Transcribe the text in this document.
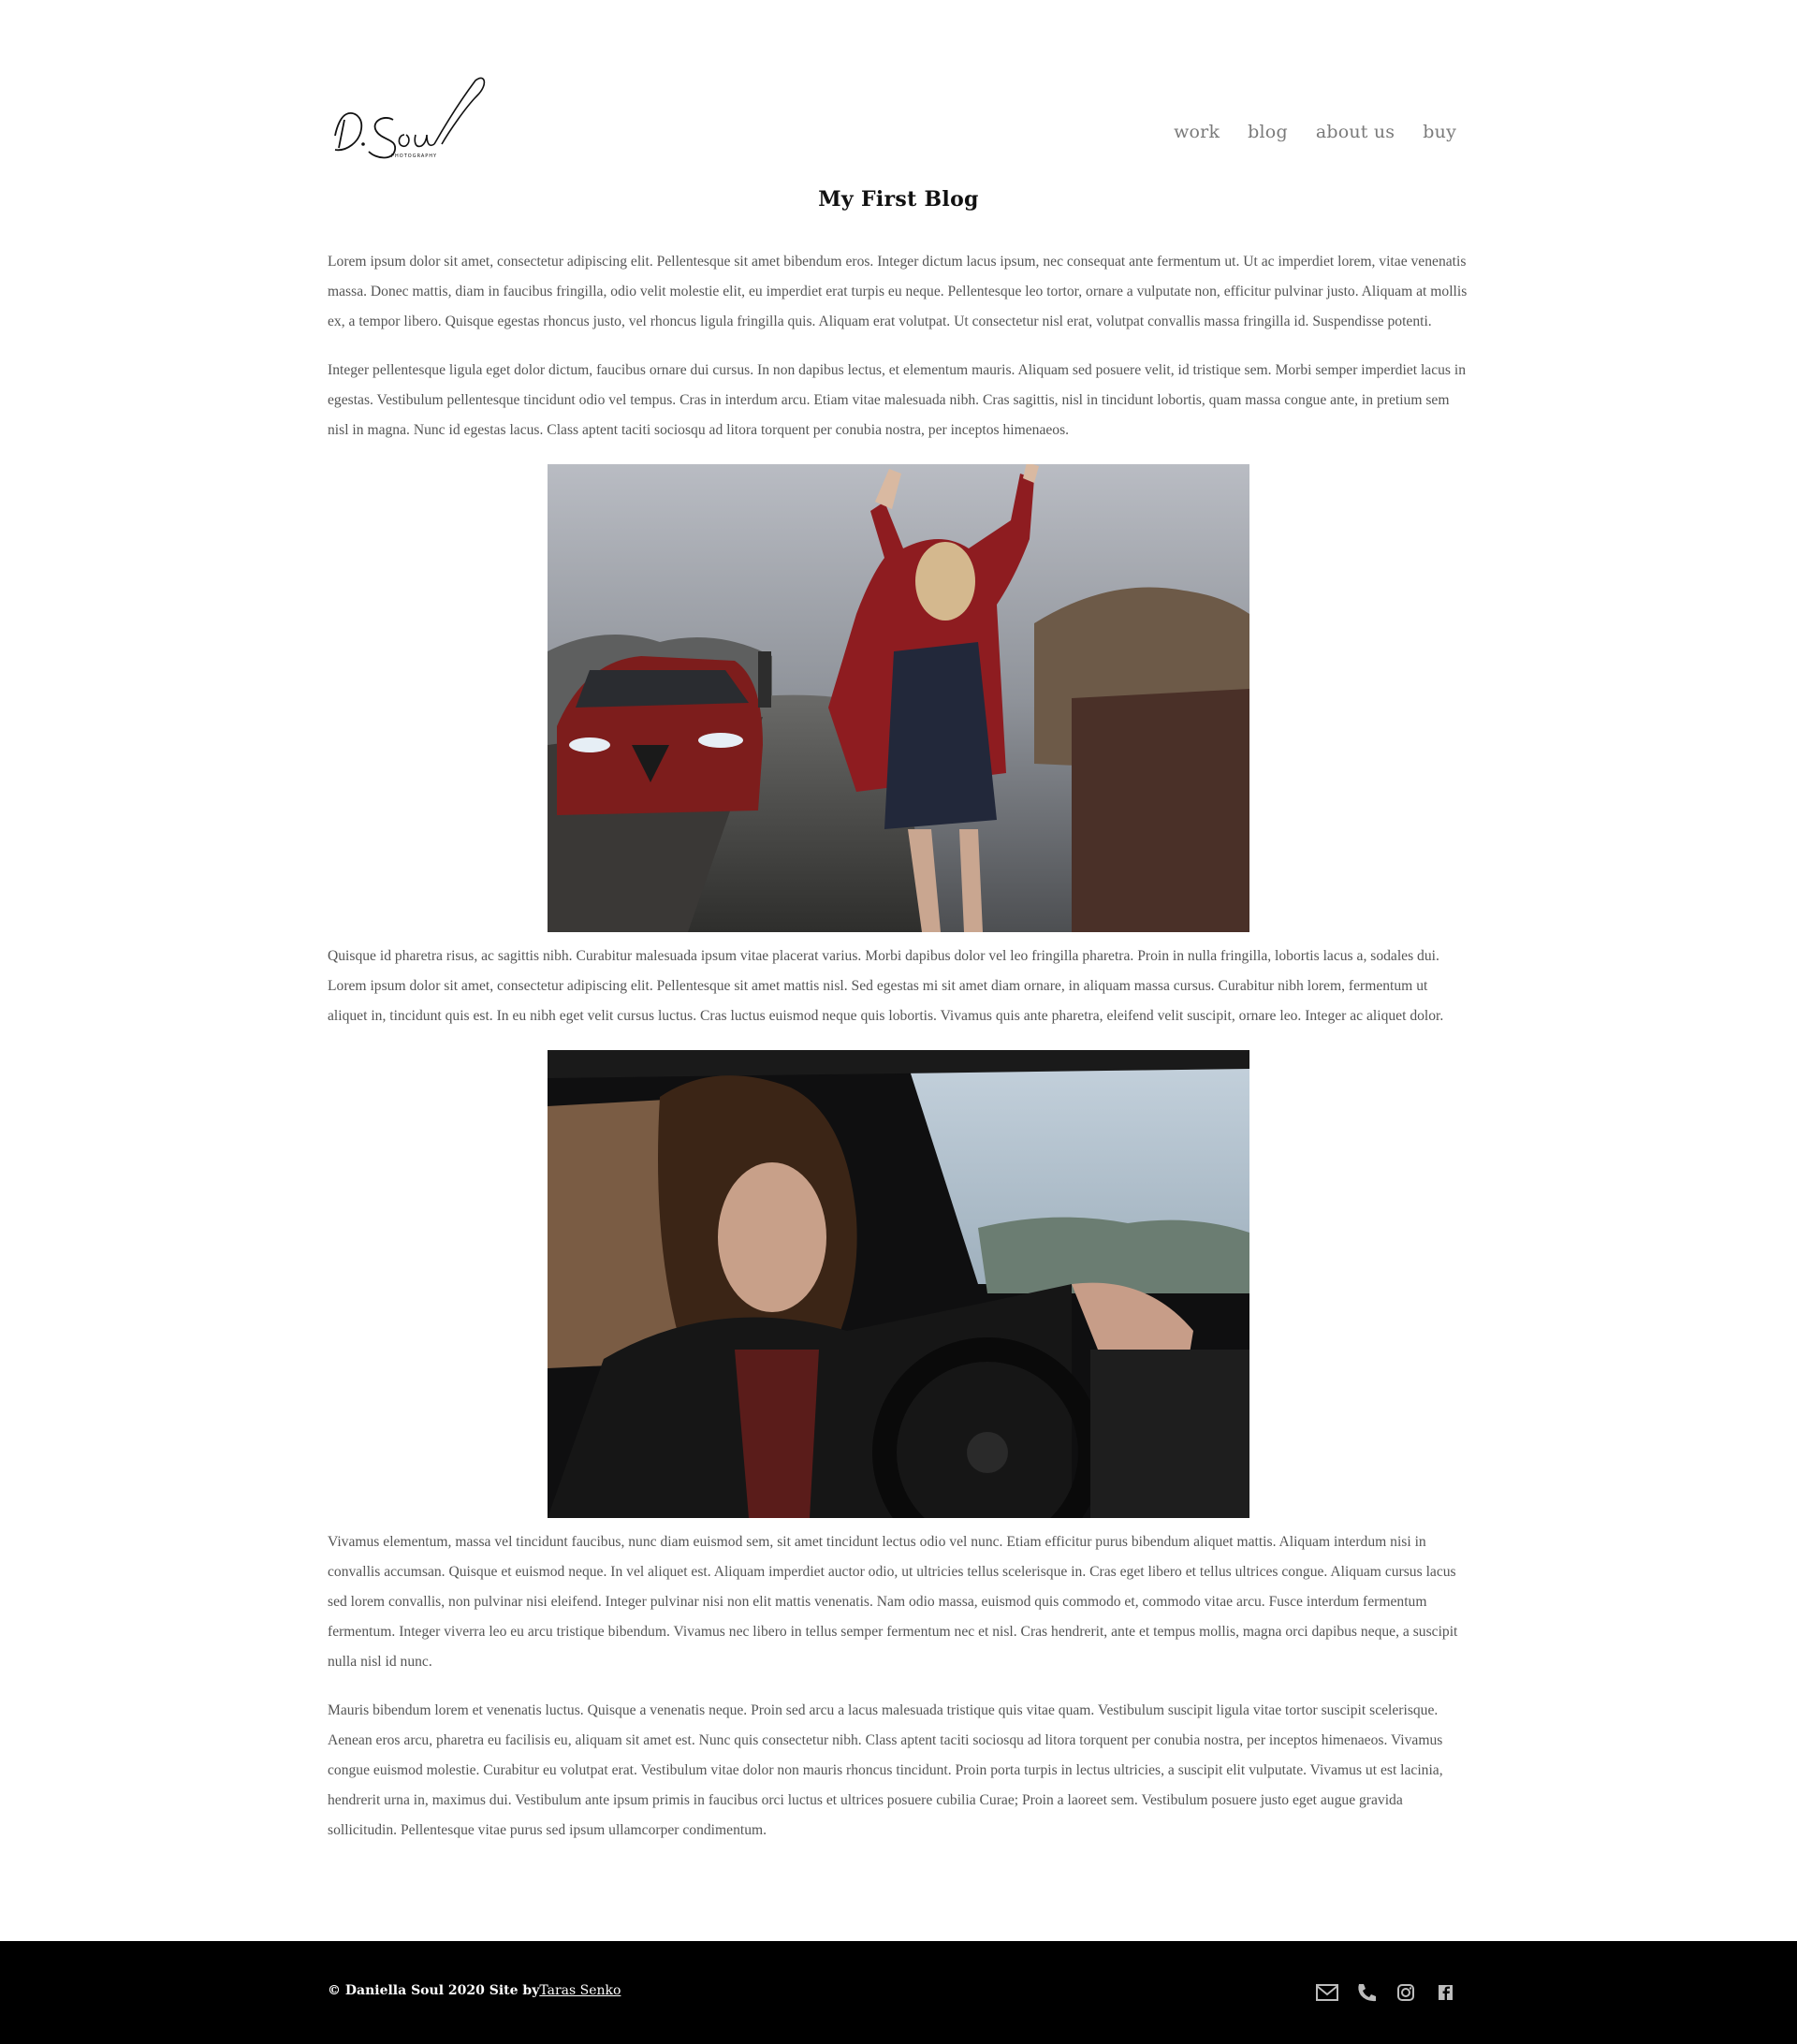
PHOTOGRAPHY
work blog about us buy
My First Blog

Lorem ipsum dolor sit amet, consectetur adipiscing elit. Pellentesque sit amet bibendum eros. Integer dictum lacus ipsum, nec consequat ante fermentum ut. Ut ac imperdiet lorem, vitae venenatis massa. Donec mattis, diam in faucibus fringilla, odio velit molestie elit, eu imperdiet erat turpis eu neque. Pellentesque leo tortor, ornare a vulputate non, efficitur pulvinar justo. Aliquam at mollis ex, a tempor libero. Quisque egestas rhoncus justo, vel rhoncus ligula fringilla quis. Aliquam erat volutpat. Ut consectetur nisl erat, volutpat convallis massa fringilla id. Suspendisse potenti.

Integer pellentesque ligula eget dolor dictum, faucibus ornare dui cursus. In non dapibus lectus, et elementum mauris. Aliquam sed posuere velit, id tristique sem. Morbi semper imperdiet lacus in egestas. Vestibulum pellentesque tincidunt odio vel tempus. Cras in interdum arcu. Etiam vitae malesuada nibh. Cras sagittis, nisl in tincidunt lobortis, quam massa congue ante, in pretium sem nisl in magna. Nunc id egestas lacus. Class aptent taciti sociosqu ad litora torquent per conubia nostra, per inceptos himenaeos.

Quisque id pharetra risus, ac sagittis nibh. Curabitur malesuada ipsum vitae placerat varius. Morbi dapibus dolor vel leo fringilla pharetra. Proin in nulla fringilla, lobortis lacus a, sodales dui. Lorem ipsum dolor sit amet, consectetur adipiscing elit. Pellentesque sit amet mattis nisl. Sed egestas mi sit amet diam ornare, in aliquam massa cursus. Curabitur nibh lorem, fermentum ut aliquet in, tincidunt quis est. In eu nibh eget velit cursus luctus. Cras luctus euismod neque quis lobortis. Vivamus quis ante pharetra, eleifend velit suscipit, ornare leo. Integer ac aliquet dolor.

Vivamus elementum, massa vel tincidunt faucibus, nunc diam euismod sem, sit amet tincidunt lectus odio vel nunc. Etiam efficitur purus bibendum aliquet mattis. Aliquam interdum nisi in convallis accumsan. Quisque et euismod neque. In vel aliquet est. Aliquam imperdiet auctor odio, ut ultricies tellus scelerisque in. Cras eget libero et tellus ultrices congue. Aliquam cursus lacus sed lorem convallis, non pulvinar nisi eleifend. Integer pulvinar nisi non elit mattis venenatis. Nam odio massa, euismod quis commodo et, commodo vitae arcu. Fusce interdum fermentum fermentum. Integer viverra leo eu arcu tristique bibendum. Vivamus nec libero in tellus semper fermentum nec et nisl. Cras hendrerit, ante et tempus mollis, magna orci dapibus neque, a suscipit nulla nisl id nunc.

Mauris bibendum lorem et venenatis luctus. Quisque a venenatis neque. Proin sed arcu a lacus malesuada tristique quis vitae quam. Vestibulum suscipit ligula vitae tortor suscipit scelerisque. Aenean eros arcu, pharetra eu facilisis eu, aliquam sit amet est. Nunc quis consectetur nibh. Class aptent taciti sociosqu ad litora torquent per conubia nostra, per inceptos himenaeos. Vivamus congue euismod molestie. Curabitur eu volutpat erat. Vestibulum vitae dolor non mauris rhoncus tincidunt. Proin porta turpis in lectus ultricies, a suscipit elit vulputate. Vivamus ut est lacinia, hendrerit urna in, maximus dui. Vestibulum ante ipsum primis in faucibus orci luctus et ultrices posuere cubilia Curae; Proin a laoreet sem. Vestibulum posuere justo eget augue gravida sollicitudin. Pellentesque vitae purus sed ipsum ullamcorper condimentum.

© Daniella Soul 2020 Site byTaras Senko
